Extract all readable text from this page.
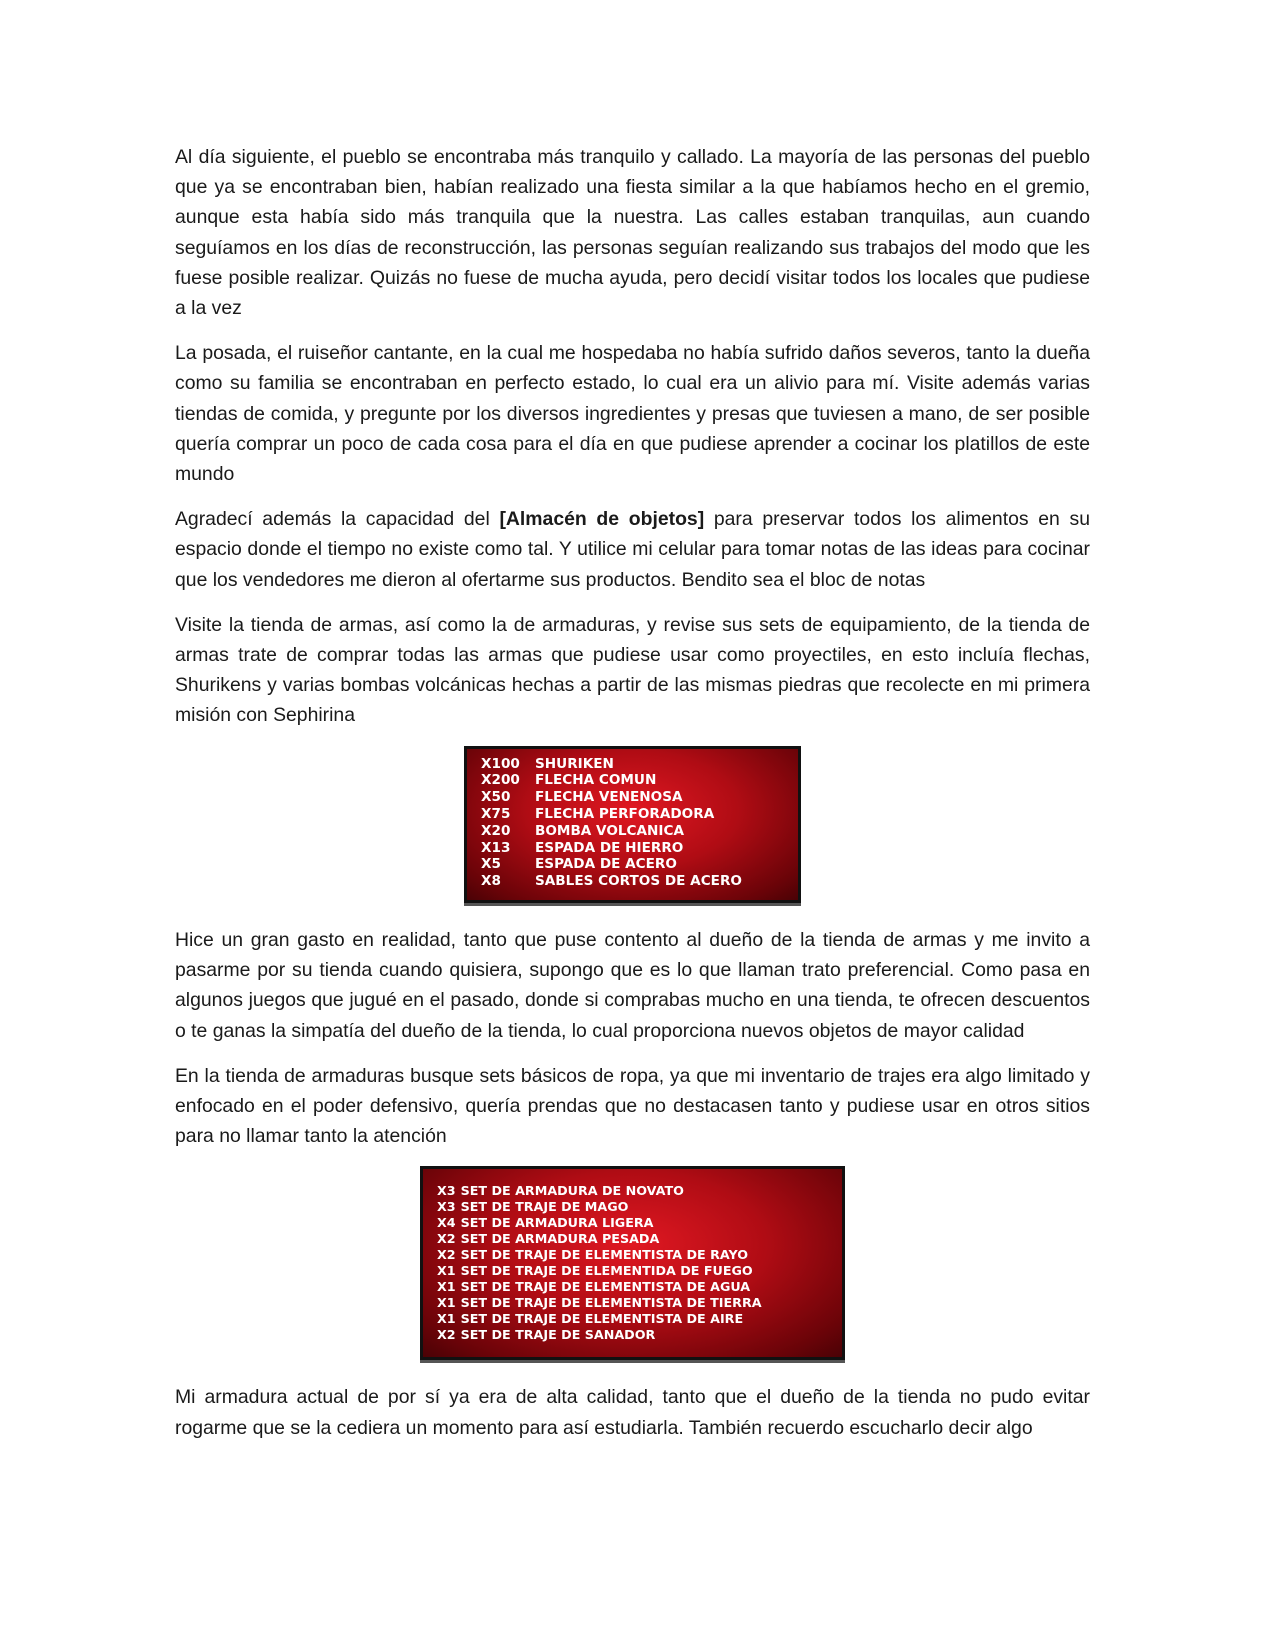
Al día siguiente, el pueblo se encontraba más tranquilo y callado. La mayoría de las personas del pueblo que ya se encontraban bien, habían realizado una fiesta similar a la que habíamos hecho en el gremio, aunque esta había sido más tranquila que la nuestra. Las calles estaban tranquilas, aun cuando seguíamos en los días de reconstrucción, las personas seguían realizando sus trabajos del modo que les fuese posible realizar. Quizás no fuese de mucha ayuda, pero decidí visitar todos los locales que pudiese a la vez

La posada, el ruiseñor cantante, en la cual me hospedaba no había sufrido daños severos, tanto la dueña como su familia se encontraban en perfecto estado, lo cual era un alivio para mí. Visite además varias tiendas de comida, y pregunte por los diversos ingredientes y presas que tuviesen a mano, de ser posible quería comprar un poco de cada cosa para el día en que pudiese aprender a cocinar los platillos de este mundo

Agradecí además la capacidad del [Almacén de objetos] para preservar todos los alimentos en su espacio donde el tiempo no existe como tal. Y utilice mi celular para tomar notas de las ideas para cocinar que los vendedores me dieron al ofertarme sus productos. Bendito sea el bloc de notas

Visite la tienda de armas, así como la de armaduras, y revise sus sets de equipamiento, de la tienda de armas trate de comprar todas las armas que pudiese usar como proyectiles, en esto incluía flechas, Shurikens y varias bombas volcánicas hechas a partir de las mismas piedras que recolecte en mi primera misión con Sephirina

X100 SHURIKEN
X200 FLECHA COMUN
X50 FLECHA VENENOSA
X75 FLECHA PERFORADORA
X20 BOMBA VOLCANICA
X13 ESPADA DE HIERRO
X5	ESPADA DE ACERO
X8	SABLES CORTOS DE ACERO

Hice un gran gasto en realidad, tanto que puse contento al dueño de la tienda de armas y me invito a pasarme por su tienda cuando quisiera, supongo que es lo que llaman trato preferencial. Como pasa en algunos juegos que jugué en el pasado, donde si comprabas mucho en una tienda, te ofrecen descuentos o te ganas la simpatía del dueño de la tienda, lo cual proporciona nuevos objetos de mayor calidad

En la tienda de armaduras busque sets básicos de ropa, ya que mi inventario de trajes era algo limitado y enfocado en el poder defensivo, quería prendas que no destacasen tanto y pudiese usar en otros sitios para no llamar tanto la atención

X3 SET DE ARMADURA DE NOVATO
X3 SET DE TRAJE DE MAGO
X4 SET DE ARMADURA LIGERA
X2 SET DE ARMADURA PESADA
X2 SET DE TRAJE DE ELEMENTISTA DE RAYO
X1 SET DE TRAJE DE ELEMENTIDA DE FUEGO
X1 SET DE TRAJE DE ELEMENTISTA DE AGUA
X1 SET DE TRAJE DE ELEMENTISTA DE TIERRA
X1 SET DE TRAJE DE ELEMENTISTA DE AIRE
X2 SET DE TRAJE DE SANADOR

Mi armadura actual de por sí ya era de alta calidad, tanto que el dueño de la tienda no pudo evitar rogarme que se la cediera un momento para así estudiarla. También recuerdo escucharlo decir algo
